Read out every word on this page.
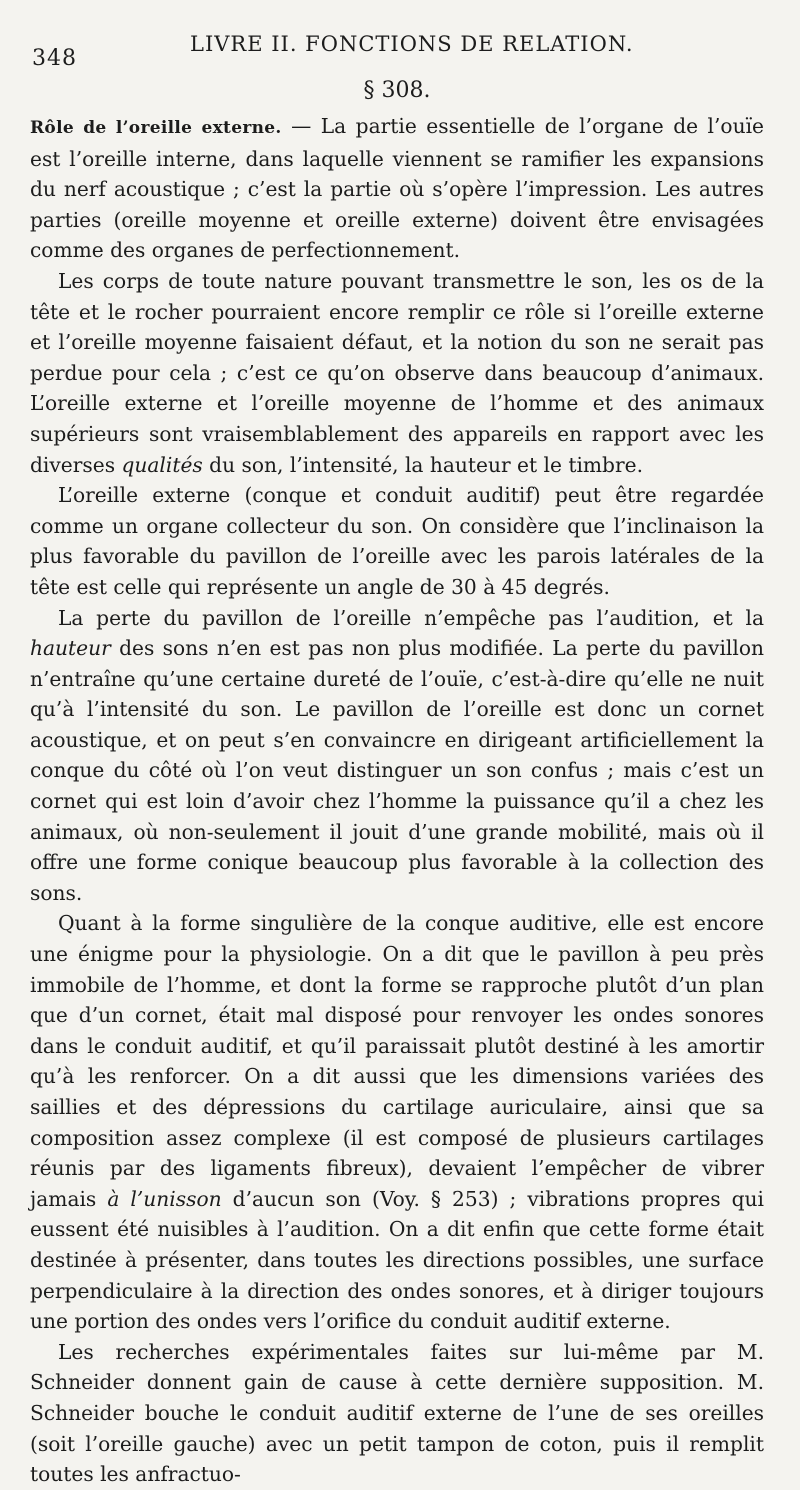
348
LIVRE II. FONCTIONS DE RELATION.
§ 308.

Rôle de l’oreille externe. — La partie essentielle de l’organe de l’ouïe est l’oreille interne, dans laquelle viennent se ramifier les expansions du nerf acoustique ; c’est la partie où s’opère l’impression. Les autres parties (oreille moyenne et oreille externe) doivent être envisagées comme des organes de perfectionnement.

Les corps de toute nature pouvant transmettre le son, les os de la tête et le rocher pourraient encore remplir ce rôle si l’oreille externe et l’oreille moyenne faisaient défaut, et la notion du son ne serait pas perdue pour cela ; c’est ce qu’on observe dans beaucoup d’animaux. L’oreille externe et l’oreille moyenne de l’homme et des animaux supérieurs sont vraisemblablement des appareils en rapport avec les diverses qualités du son, l’intensité, la hauteur et le timbre.

L’oreille externe (conque et conduit auditif) peut être regardée comme un organe collecteur du son. On considère que l’inclinaison la plus favorable du pavillon de l’oreille avec les parois latérales de la tête est celle qui représente un angle de 30 à 45 degrés.

La perte du pavillon de l’oreille n’empêche pas l’audition, et la hauteur des sons n’en est pas non plus modifiée. La perte du pavillon n’entraîne qu’une certaine dureté de l’ouïe, c’est-à-dire qu’elle ne nuit qu’à l’intensité du son. Le pavillon de l’oreille est donc un cornet acoustique, et on peut s’en convaincre en dirigeant artificiellement la conque du côté où l’on veut distinguer un son confus ; mais c’est un cornet qui est loin d’avoir chez l’homme la puissance qu’il a chez les animaux, où non-seulement il jouit d’une grande mobilité, mais où il offre une forme conique beaucoup plus favorable à la collection des sons.

Quant à la forme singulière de la conque auditive, elle est encore une énigme pour la physiologie. On a dit que le pavillon à peu près immobile de l’homme, et dont la forme se rapproche plutôt d’un plan que d’un cornet, était mal disposé pour renvoyer les ondes sonores dans le conduit auditif, et qu’il paraissait plutôt destiné à les amortir qu’à les renforcer. On a dit aussi que les dimensions variées des saillies et des dépressions du cartilage auriculaire, ainsi que sa composition assez complexe (il est composé de plusieurs cartilages réunis par des ligaments fibreux), devaient l’empêcher de vibrer jamais à l’unisson d’aucun son (Voy. § 253) ; vibrations propres qui eussent été nuisibles à l’audition. On a dit enfin que cette forme était destinée à présenter, dans toutes les directions possibles, une surface perpendiculaire à la direction des ondes sonores, et à diriger toujours une portion des ondes vers l’orifice du conduit auditif externe.

Les recherches expérimentales faites sur lui-même par M. Schneider donnent gain de cause à cette dernière supposition. M. Schneider bouche le conduit auditif externe de l’une de ses oreilles (soit l’oreille gauche) avec un petit tampon de coton, puis il remplit toutes les anfractuo-
